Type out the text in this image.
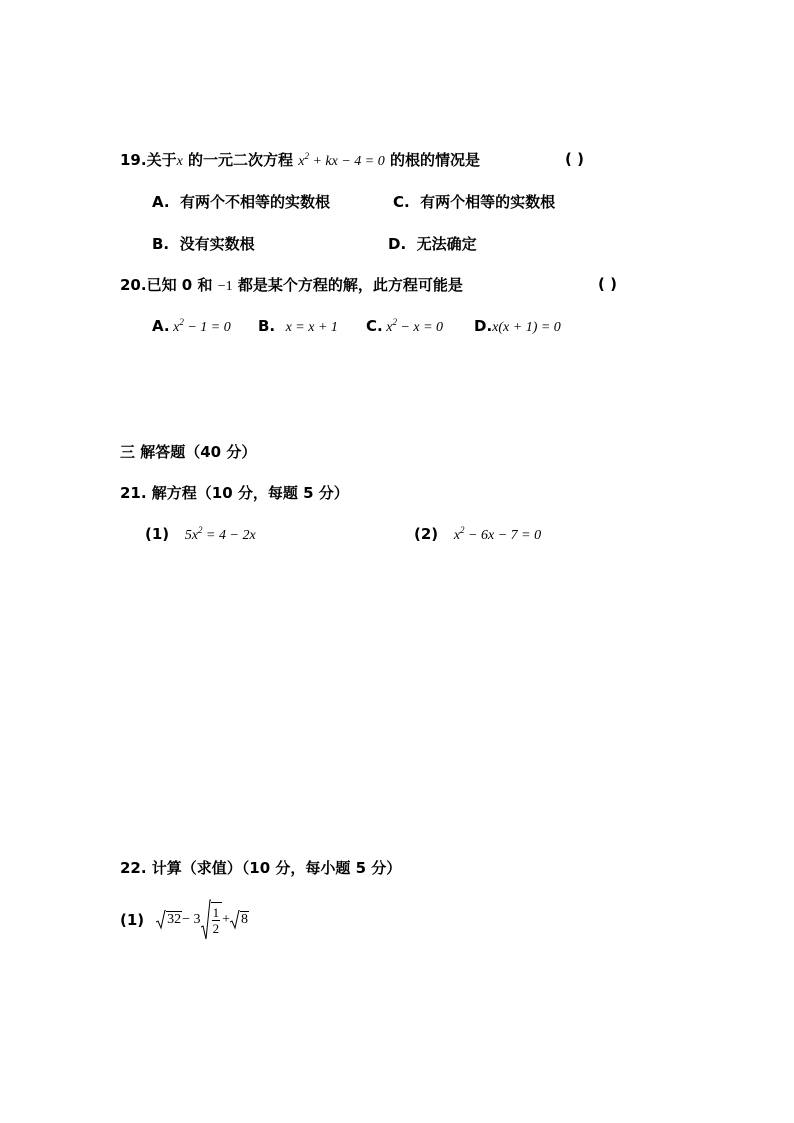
19.关于x 的一元二次方程 $x^2$ + kx − 4 = 0 的根的情况是	( )
A. 有两个不相等的实数根	C. 有两个相等的实数根
B. 没有实数根	D. 无法确定
20.已知 0 和 −1 都是某个方程的解，此方程可能是	( )
A. $x^2 - 1 = 0$ B. x = x + 1 C. $x^2 - x = 0$ D.x(x + 1) = 0
三 解答题（40 分）
21. 解方程（10 分，每题 5 分）
(1) $5x^2 = 4 - 2x$	(2) $x^2 - 6x - 7 = 0$
22. 计算（求值）（10 分，每小题 5 分）
(1) $32 - 3 \frac{1}{2} + 8$
